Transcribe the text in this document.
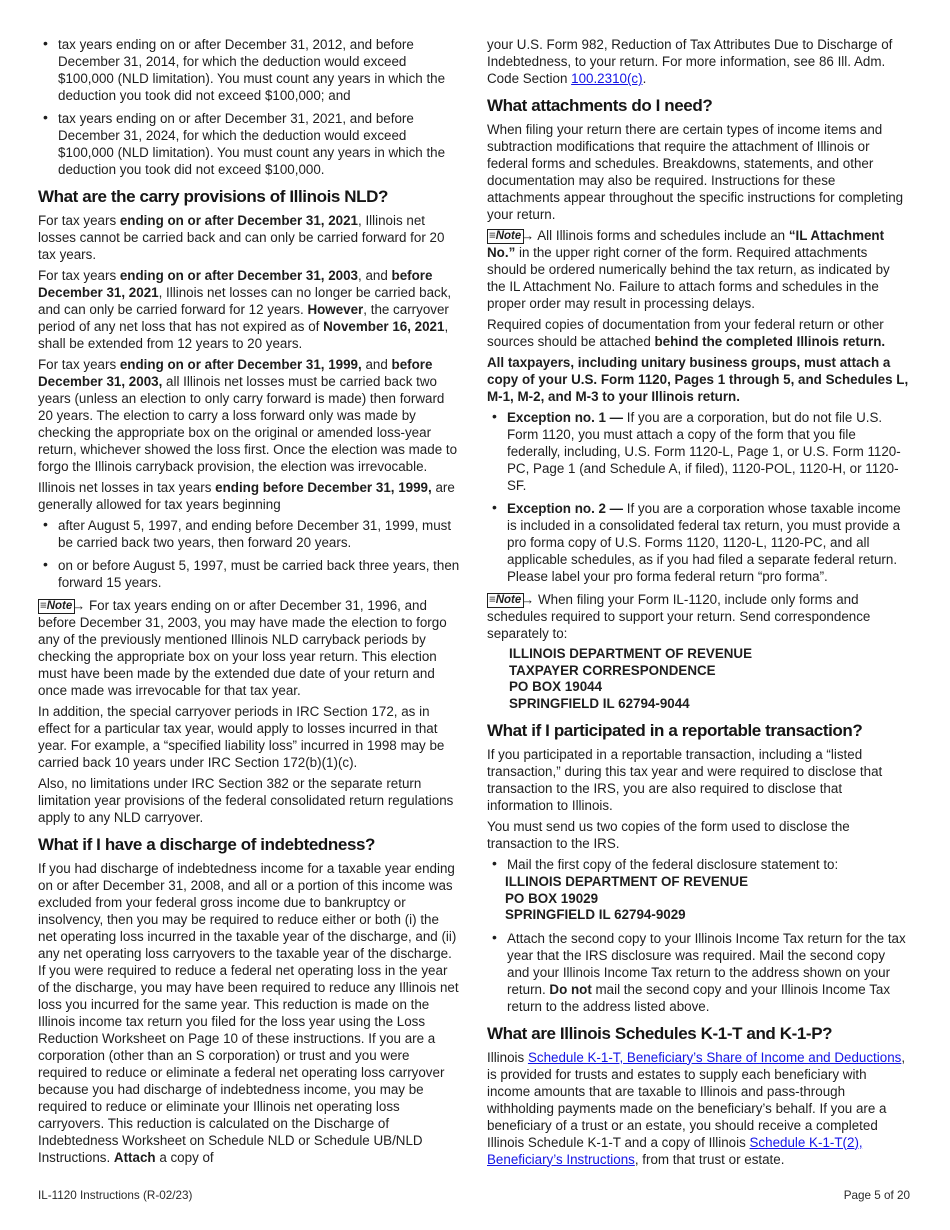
• tax years ending on or after December 31, 2012, and before December 31, 2014, for which the deduction would exceed $100,000 (NLD limitation). You must count any years in which the deduction you took did not exceed $100,000; and
• tax years ending on or after December 31, 2021, and before December 31, 2024, for which the deduction would exceed $100,000 (NLD limitation). You must count any years in which the deduction you took did not exceed $100,000.
What are the carry provisions of Illinois NLD?

For tax years ending on or after December 31, 2021, Illinois net losses cannot be carried back and can only be carried forward for 20 tax years.

For tax years ending on or after December 31, 2003, and before December 31, 2021, Illinois net losses can no longer be carried back, and can only be carried forward for 12 years. However, the carryover period of any net loss that has not expired as of November 16, 2021, shall be extended from 12 years to 20 years.

For tax years ending on or after December 31, 1999, and before December 31, 2003, all Illinois net losses must be carried back two years (unless an election to only carry forward is made) then forward 20 years. The election to carry a loss forward only was made by checking the appropriate box on the original or amended loss-year return, whichever showed the loss first. Once the election was made to forgo the Illinois carryback provision, the election was irrevocable.

Illinois net losses in tax years ending before December 31, 1999, are generally allowed for tax years beginning

• after August 5, 1997, and ending before December 31, 1999, must be carried back two years, then forward 20 years.
• on or before August 5, 1997, must be carried back three years, then forward 15 years.

≡Note→ For tax years ending on or after December 31, 1996, and before December 31, 2003, you may have made the election to forgo any of the previously mentioned Illinois NLD carryback periods by checking the appropriate box on your loss year return. This election must have been made by the extended due date of your return and once made was irrevocable for that tax year.

In addition, the special carryover periods in IRC Section 172, as in effect for a particular tax year, would apply to losses incurred in that year. For example, a “specified liability loss” incurred in 1998 may be carried back 10 years under IRC Section 172(b)(1)(c).

Also, no limitations under IRC Section 382 or the separate return limitation year provisions of the federal consolidated return regulations apply to any NLD carryover.

What if I have a discharge of indebtedness?

If you had discharge of indebtedness income for a taxable year ending on or after December 31, 2008, and all or a portion of this income was excluded from your federal gross income due to bankruptcy or insolvency, then you may be required to reduce either or both (i) the net operating loss incurred in the taxable year of the discharge, and (ii) any net operating loss carryovers to the taxable year of the discharge. If you were required to reduce a federal net operating loss in the year of the discharge, you may have been required to reduce any Illinois net loss you incurred for the same year. This reduction is made on the Illinois income tax return you filed for the loss year using the Loss Reduction Worksheet on Page 10 of these instructions. If you are a corporation (other than an S corporation) or trust and you were required to reduce or eliminate a federal net operating loss carryover because you had discharge of indebtedness income, you may be required to reduce or eliminate your Illinois net operating loss carryovers. This reduction is calculated on the Discharge of Indebtedness Worksheet on Schedule NLD or Schedule UB/NLD Instructions. Attach a copy of

your U.S. Form 982, Reduction of Tax Attributes Due to Discharge of Indebtedness, to your return. For more information, see 86 Ill. Adm. Code Section 100.2310(c).

What attachments do I need?

When filing your return there are certain types of income items and subtraction modifications that require the attachment of Illinois or federal forms and schedules. Breakdowns, statements, and other documentation may also be required. Instructions for these attachments appear throughout the specific instructions for completing your return.

≡Note→ All Illinois forms and schedules include an “IL Attachment No.” in the upper right corner of the form. Required attachments should be ordered numerically behind the tax return, as indicated by the IL Attachment No. Failure to attach forms and schedules in the proper order may result in processing delays.

Required copies of documentation from your federal return or other sources should be attached behind the completed Illinois return.

All taxpayers, including unitary business groups, must attach a copy of your U.S. Form 1120, Pages 1 through 5, and Schedules L, M-1, M-2, and M-3 to your Illinois return.

• Exception no. 1 — If you are a corporation, but do not file U.S. Form 1120, you must attach a copy of the form that you file federally, including, U.S. Form 1120-L, Page 1, or U.S. Form 1120-PC, Page 1 (and Schedule A, if filed), 1120-POL, 1120-H, or 1120-SF.
• Exception no. 2 — If you are a corporation whose taxable income is included in a consolidated federal tax return, you must provide a pro forma copy of U.S. Forms 1120, 1120-L, 1120-PC, and all applicable schedules, as if you had filed a separate federal return. Please label your pro forma federal return “pro forma”.

≡Note→ When filing your Form IL-1120, include only forms and schedules required to support your return. Send correspondence separately to:

ILLINOIS DEPARTMENT OF REVENUE
TAXPAYER CORRESPONDENCE
PO BOX 19044
SPRINGFIELD IL 62794-9044
What if I participated in a reportable transaction?

If you participated in a reportable transaction, including a “listed transaction,” during this tax year and were required to disclose that transaction to the IRS, you are also required to disclose that information to Illinois.

You must send us two copies of the form used to disclose the transaction to the IRS.

• Mail the first copy of the federal disclosure statement to:
ILLINOIS DEPARTMENT OF REVENUE
PO BOX 19029
SPRINGFIELD IL 62794-9029
• Attach the second copy to your Illinois Income Tax return for the tax year that the IRS disclosure was required. Mail the second copy and your Illinois Income Tax return to the address shown on your return. Do not mail the second copy and your Illinois Income Tax return to the address listed above.
What are Illinois Schedules K-1-T and K-1-P?

Illinois Schedule K-1-T, Beneficiary’s Share of Income and Deductions, is provided for trusts and estates to supply each beneficiary with income amounts that are taxable to Illinois and pass-through withholding payments made on the beneficiary’s behalf. If you are a beneficiary of a trust or an estate, you should receive a completed Illinois Schedule K-1-T and a copy of Illinois Schedule K-1-T(2), Beneficiary’s Instructions, from that trust or estate.

IL-1120 Instructions (R-02/23)	Page 5 of 20
